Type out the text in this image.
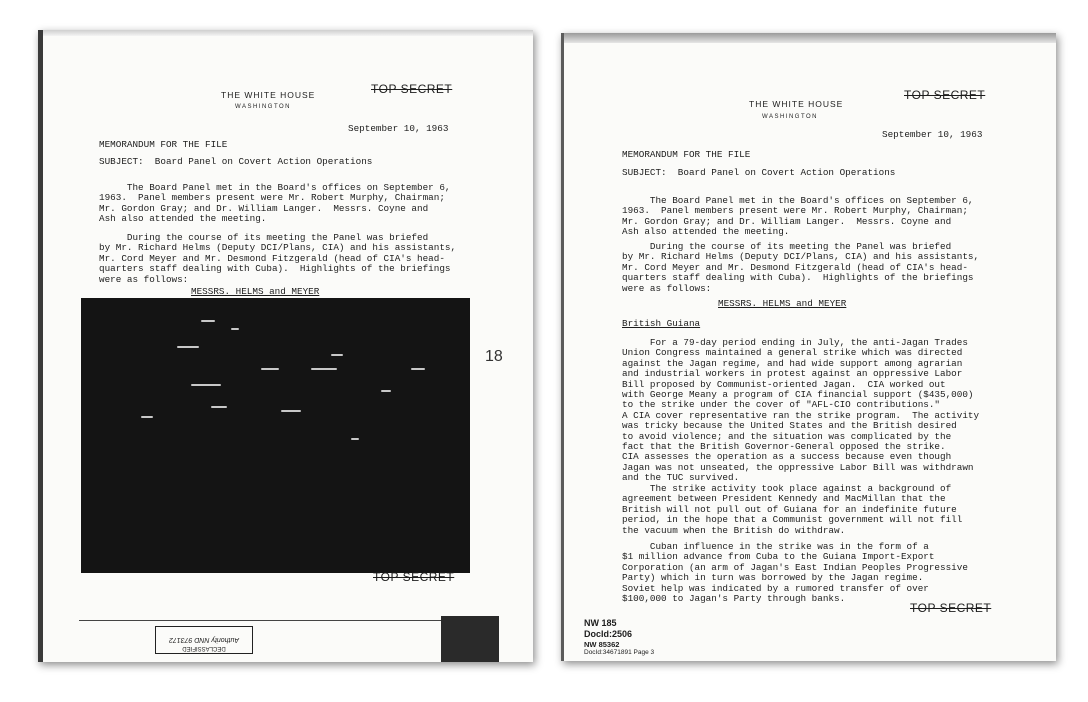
THE WHITE HOUSE
WASHINGTON
TOP SECRET
September 10, 1963
MEMORANDUM FOR THE FILE
SUBJECT:  Board Panel on Covert Action Operations
The Board Panel met in the Board's offices on September 6,
1963.  Panel members present were Mr. Robert Murphy, Chairman;
Mr. Gordon Gray; and Dr. William Langer.  Messrs. Coyne and
Ash also attended the meeting.
During the course of its meeting the Panel was briefed
by Mr. Richard Helms (Deputy DCI/Plans, CIA) and his assistants,
Mr. Cord Meyer and Mr. Desmond Fitzgerald (head of CIA's head-
quarters staff dealing with Cuba).  Highlights of the briefings
were as follows:
MESSRS. HELMS and MEYER
18
TOP SECRET
DECLASSIFIED
Authority NND 973172
THE WHITE HOUSE
WASHINGTON
TOP SECRET
September 10, 1963
MEMORANDUM FOR THE FILE
SUBJECT:  Board Panel on Covert Action Operations
The Board Panel met in the Board's offices on September 6,
1963.  Panel members present were Mr. Robert Murphy, Chairman;
Mr. Gordon Gray; and Dr. William Langer.  Messrs. Coyne and
Ash also attended the meeting.
During the course of its meeting the Panel was briefed
by Mr. Richard Helms (Deputy DCI/Plans, CIA) and his assistants,
Mr. Cord Meyer and Mr. Desmond Fitzgerald (head of CIA's head-
quarters staff dealing with Cuba).  Highlights of the briefings
were as follows:
MESSRS. HELMS and MEYER
British Guiana
For a 79-day period ending in July, the anti-Jagan Trades
Union Congress maintained a general strike which was directed
against the Jagan regime, and had wide support among agrarian
and industrial workers in protest against an oppressive Labor
Bill proposed by Communist-oriented Jagan.  CIA worked out
with George Meany a program of CIA financial support ($435,000)
to the strike under the cover of "AFL-CIO contributions."
A CIA cover representative ran the strike program.  The activity
was tricky because the United States and the British desired
to avoid violence; and the situation was complicated by the
fact that the British Governor-General opposed the strike.
CIA assesses the operation as a success because even though
Jagan was not unseated, the oppressive Labor Bill was withdrawn
and the TUC survived.
The strike activity took place against a background of
agreement between President Kennedy and MacMillan that the
British will not pull out of Guiana for an indefinite future
period, in the hope that a Communist government will not fill
the vacuum when the British do withdraw.
Cuban influence in the strike was in the form of a
$1 million advance from Cuba to the Guiana Import-Export
Corporation (an arm of Jagan's East Indian Peoples Progressive
Party) which in turn was borrowed by the Jagan regime.
Soviet help was indicated by a rumored transfer of over
$100,000 to Jagan's Party through banks.
TOP SECRET
NW 185
DocId:2506
NW 85362
DocId:34671891 Page 3
